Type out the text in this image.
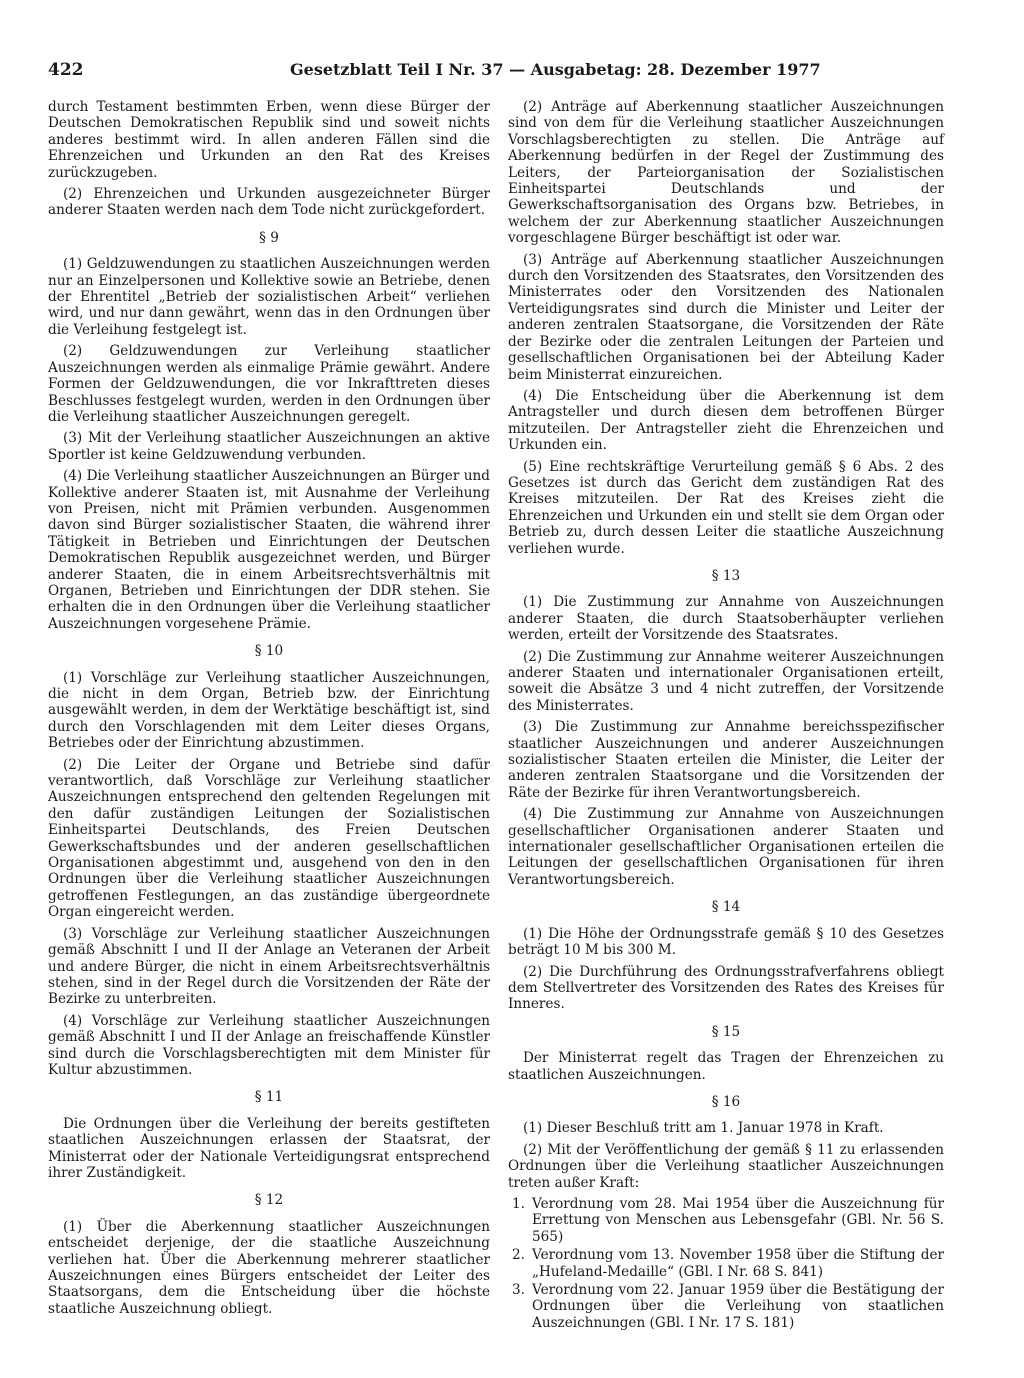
422	Gesetzblatt Teil I Nr. 37 — Ausgabetag: 28. Dezember 1977

durch Testament bestimmten Erben, wenn diese Bürger der Deutschen Demokratischen Republik sind und soweit nichts anderes bestimmt wird. In allen anderen Fällen sind die Ehrenzeichen und Urkunden an den Rat des Kreises zurückzugeben.

(2) Ehrenzeichen und Urkunden ausgezeichneter Bürger anderer Staaten werden nach dem Tode nicht zurückgefordert.

§ 9

(1) Geldzuwendungen zu staatlichen Auszeichnungen werden nur an Einzelpersonen und Kollektive sowie an Betriebe, denen der Ehrentitel „Betrieb der sozialistischen Arbeit“ verliehen wird, und nur dann gewährt, wenn das in den Ordnungen über die Verleihung festgelegt ist.

(2) Geldzuwendungen zur Verleihung staatlicher Auszeichnungen werden als einmalige Prämie gewährt. Andere Formen der Geldzuwendungen, die vor Inkrafttreten dieses Beschlusses festgelegt wurden, werden in den Ordnungen über die Verleihung staatlicher Auszeichnungen geregelt.

(3) Mit der Verleihung staatlicher Auszeichnungen an aktive Sportler ist keine Geldzuwendung verbunden.

(4) Die Verleihung staatlicher Auszeichnungen an Bürger und Kollektive anderer Staaten ist, mit Ausnahme der Verleihung von Preisen, nicht mit Prämien verbunden. Ausgenommen davon sind Bürger sozialistischer Staaten, die während ihrer Tätigkeit in Betrieben und Einrichtungen der Deutschen Demokratischen Republik ausgezeichnet werden, und Bürger anderer Staaten, die in einem Arbeitsrechtsverhältnis mit Organen, Betrieben und Einrichtungen der DDR stehen. Sie erhalten die in den Ordnungen über die Verleihung staatlicher Auszeichnungen vorgesehene Prämie.

§ 10

(1) Vorschläge zur Verleihung staatlicher Auszeichnungen, die nicht in dem Organ, Betrieb bzw. der Einrichtung ausgewählt werden, in dem der Werktätige beschäftigt ist, sind durch den Vorschlagenden mit dem Leiter dieses Organs, Betriebes oder der Einrichtung abzustimmen.

(2) Die Leiter der Organe und Betriebe sind dafür verantwortlich, daß Vorschläge zur Verleihung staatlicher Auszeichnungen entsprechend den geltenden Regelungen mit den dafür zuständigen Leitungen der Sozialistischen Einheitspartei Deutschlands, des Freien Deutschen Gewerkschaftsbundes und der anderen gesellschaftlichen Organisationen abgestimmt und, ausgehend von den in den Ordnungen über die Verleihung staatlicher Auszeichnungen getroffenen Festlegungen, an das zuständige übergeordnete Organ eingereicht werden.

(3) Vorschläge zur Verleihung staatlicher Auszeichnungen gemäß Abschnitt I und II der Anlage an Veteranen der Arbeit und andere Bürger, die nicht in einem Arbeitsrechtsverhältnis stehen, sind in der Regel durch die Vorsitzenden der Räte der Bezirke zu unterbreiten.

(4) Vorschläge zur Verleihung staatlicher Auszeichnungen gemäß Abschnitt I und II der Anlage an freischaffende Künstler sind durch die Vorschlagsberechtigten mit dem Minister für Kultur abzustimmen.

§ 11

Die Ordnungen über die Verleihung der bereits gestifteten staatlichen Auszeichnungen erlassen der Staatsrat, der Ministerrat oder der Nationale Verteidigungsrat entsprechend ihrer Zuständigkeit.

§ 12

(1) Über die Aberkennung staatlicher Auszeichnungen entscheidet derjenige, der die staatliche Auszeichnung verliehen hat. Über die Aberkennung mehrerer staatlicher Auszeichnungen eines Bürgers entscheidet der Leiter des Staatsorgans, dem die Entscheidung über die höchste staatliche Auszeichnung obliegt.

(2) Anträge auf Aberkennung staatlicher Auszeichnungen sind von dem für die Verleihung staatlicher Auszeichnungen Vorschlagsberechtigten zu stellen. Die Anträge auf Aberkennung bedürfen in der Regel der Zustimmung des Leiters, der Parteiorganisation der Sozialistischen Einheitspartei Deutschlands und der Gewerkschaftsorganisation des Organs bzw. Betriebes, in welchem der zur Aberkennung staatlicher Auszeichnungen vorgeschlagene Bürger beschäftigt ist oder war.

(3) Anträge auf Aberkennung staatlicher Auszeichnungen durch den Vorsitzenden des Staatsrates, den Vorsitzenden des Ministerrates oder den Vorsitzenden des Nationalen Verteidigungsrates sind durch die Minister und Leiter der anderen zentralen Staatsorgane, die Vorsitzenden der Räte der Bezirke oder die zentralen Leitungen der Parteien und gesellschaftlichen Organisationen bei der Abteilung Kader beim Ministerrat einzureichen.

(4) Die Entscheidung über die Aberkennung ist dem Antragsteller und durch diesen dem betroffenen Bürger mitzuteilen. Der Antragsteller zieht die Ehrenzeichen und Urkunden ein.

(5) Eine rechtskräftige Verurteilung gemäß § 6 Abs. 2 des Gesetzes ist durch das Gericht dem zuständigen Rat des Kreises mitzuteilen. Der Rat des Kreises zieht die Ehrenzeichen und Urkunden ein und stellt sie dem Organ oder Betrieb zu, durch dessen Leiter die staatliche Auszeichnung verliehen wurde.

§ 13

(1) Die Zustimmung zur Annahme von Auszeichnungen anderer Staaten, die durch Staatsoberhäupter verliehen werden, erteilt der Vorsitzende des Staatsrates.

(2) Die Zustimmung zur Annahme weiterer Auszeichnungen anderer Staaten und internationaler Organisationen erteilt, soweit die Absätze 3 und 4 nicht zutreffen, der Vorsitzende des Ministerrates.

(3) Die Zustimmung zur Annahme bereichsspezifischer staatlicher Auszeichnungen und anderer Auszeichnungen sozialistischer Staaten erteilen die Minister, die Leiter der anderen zentralen Staatsorgane und die Vorsitzenden der Räte der Bezirke für ihren Verantwortungsbereich.

(4) Die Zustimmung zur Annahme von Auszeichnungen gesellschaftlicher Organisationen anderer Staaten und internationaler gesellschaftlicher Organisationen erteilen die Leitungen der gesellschaftlichen Organisationen für ihren Verantwortungsbereich.

§ 14

(1) Die Höhe der Ordnungsstrafe gemäß § 10 des Gesetzes beträgt 10 M bis 300 M.

(2) Die Durchführung des Ordnungsstrafverfahrens obliegt dem Stellvertreter des Vorsitzenden des Rates des Kreises für Inneres.

§ 15

Der Ministerrat regelt das Tragen der Ehrenzeichen zu staatlichen Auszeichnungen.

§ 16

(1) Dieser Beschluß tritt am 1. Januar 1978 in Kraft.

(2) Mit der Veröffentlichung der gemäß § 11 zu erlassenden Ordnungen über die Verleihung staatlicher Auszeichnungen treten außer Kraft:

1. Verordnung vom 28. Mai 1954 über die Auszeichnung für Errettung von Menschen aus Lebensgefahr (GBl. Nr. 56 S. 565)
2. Verordnung vom 13. November 1958 über die Stiftung der „Hufeland-Medaille“ (GBl. I Nr. 68 S. 841)
3. Verordnung vom 22. Januar 1959 über die Bestätigung der Ordnungen über die Verleihung von staatlichen Auszeichnungen (GBl. I Nr. 17 S. 181)
